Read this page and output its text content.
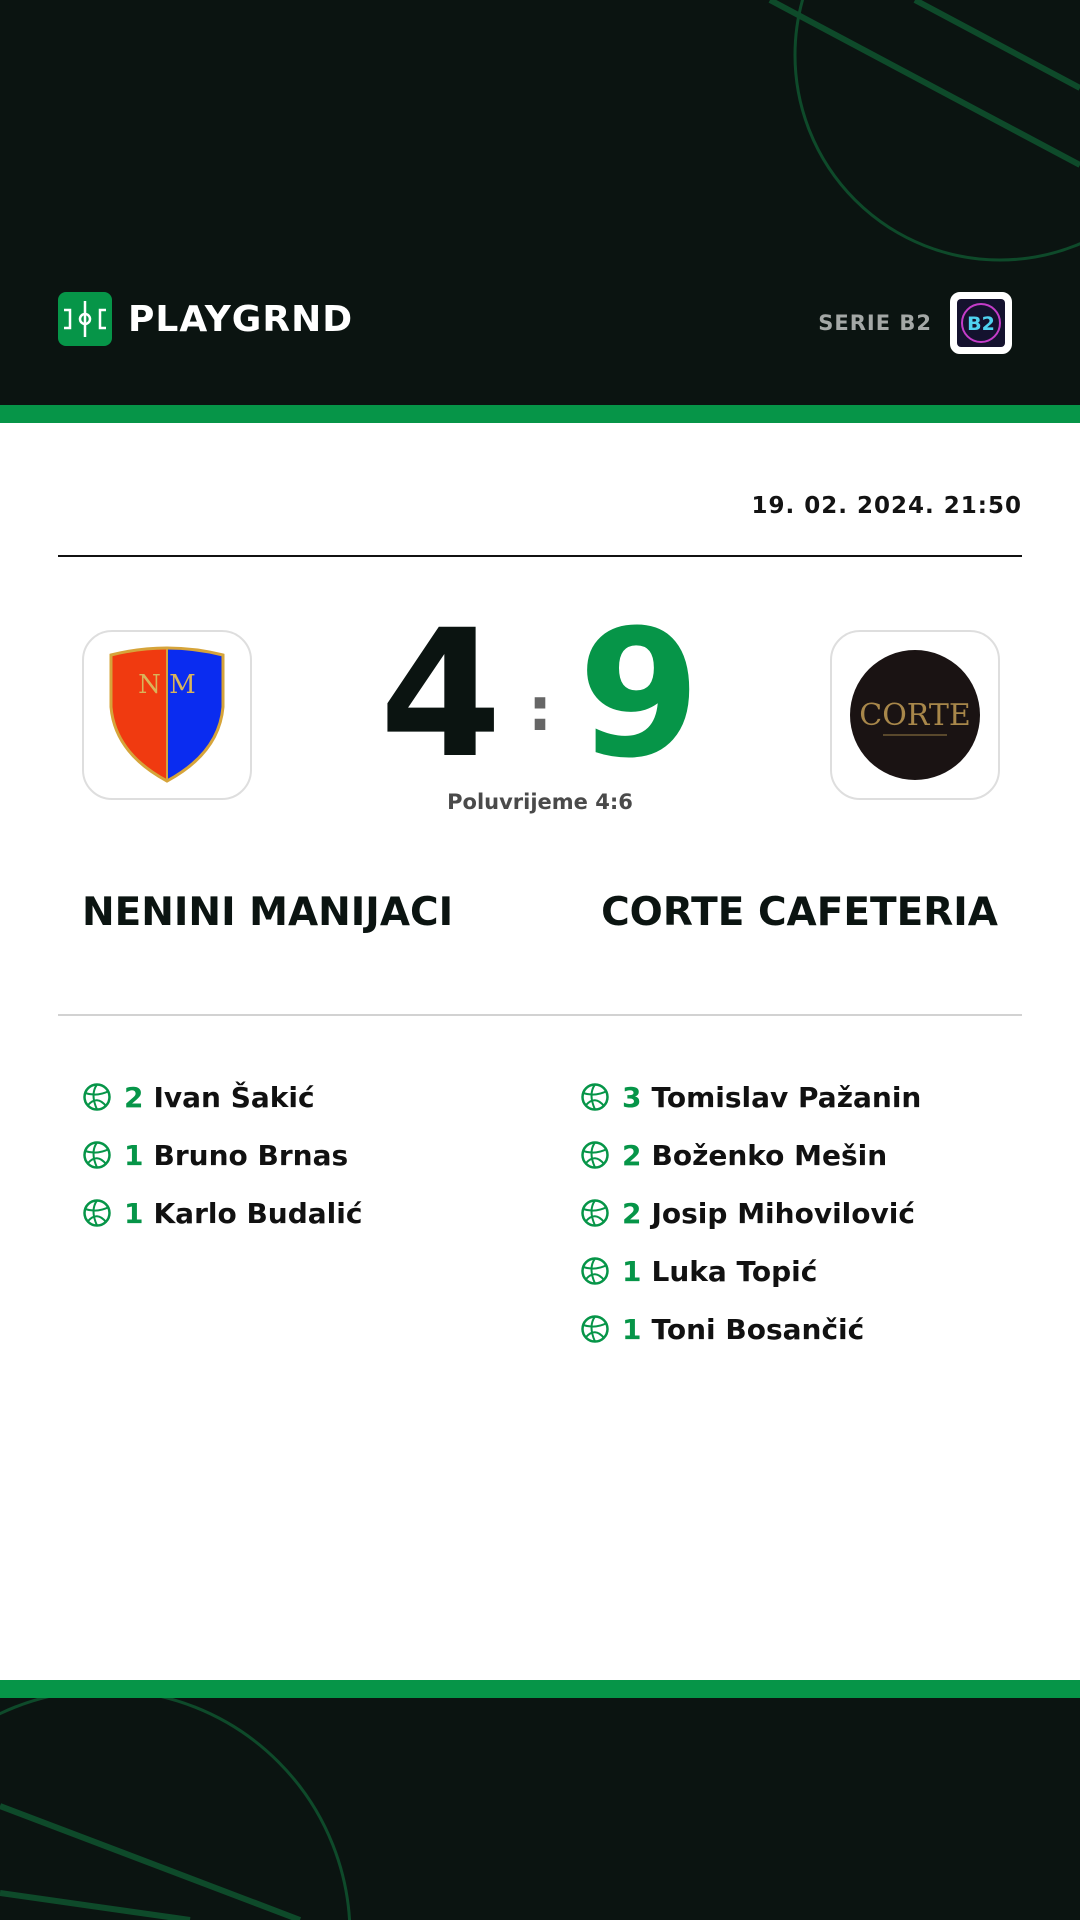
PLAYGRND	SERIE B2 B2
19. 02. 2024. 21:50
N M 4 : 9
Poluvrijeme 4:6
CORTE
NENINI MANIJACI	CORTE CAFETERIA
2 Ivan Šakić
1 Bruno Brnas
1 Karlo Budalić
3 Tomislav Pažanin
2 Boženko Mešin
2 Josip Mihovilović
1 Luka Topić
1 Toni Bosančić
